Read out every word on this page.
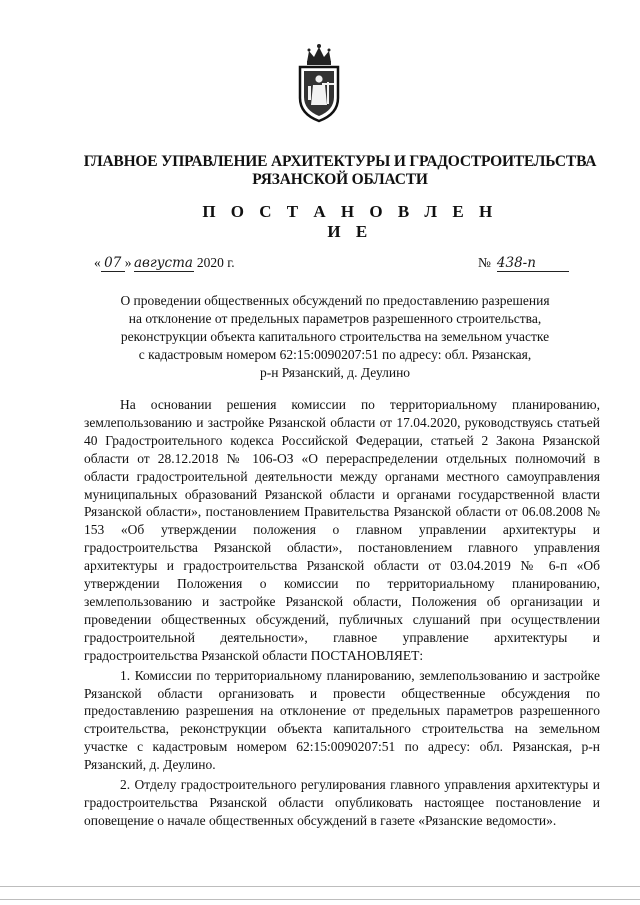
ГЛАВНОЕ УПРАВЛЕНИЕ АРХИТЕКТУРЫ И ГРАДОСТРОИТЕЛЬСТВА
РЯЗАНСКОЙ ОБЛАСТИ
П О С Т А Н О В Л Е Н И Е
« 07 » августа 2020 г.	№ 438-п
О проведении общественных обсуждений по предоставлению разрешения
на отклонение от предельных параметров разрешенного строительства,
реконструкции объекта капитального строительства на земельном участке
с кадастровым номером 62:15:0090207:51 по адресу: обл. Рязанская,
р-н Рязанский, д. Деулино

На основании решения комиссии по территориальному планированию, землепользованию и застройке Рязанской области от 17.04.2020, руководствуясь статьей 40 Градостроительного кодекса Российской Федерации, статьей 2 Закона Рязанской области от 28.12.2018 № 106-ОЗ «О перераспределении отдельных полномочий в области градостроительной деятельности между органами местного самоуправления муниципальных образований Рязанской области и органами государственной власти Рязанской области», постановлением Правительства Рязанской области от 06.08.2008 № 153 «Об утверждении положения о главном управлении архитектуры и градостроительства Рязанской области», постановлением главного управления архитектуры и градостроительства Рязанской области от 03.04.2019 № 6-п «Об утверждении Положения о комиссии по территориальному планированию, землепользованию и застройке Рязанской области, Положения об организации и проведении общественных обсуждений, публичных слушаний при осуществлении градостроительной деятельности», главное управление архитектуры и градостроительства Рязанской области ПОСТАНОВЛЯЕТ:

1. Комиссии по территориальному планированию, землепользованию и застройке Рязанской области организовать и провести общественные обсуждения по предоставлению разрешения на отклонение от предельных параметров разрешенного строительства, реконструкции объекта капитального строительства на земельном участке с кадастровым номером 62:15:0090207:51 по адресу: обл. Рязанская, р-н Рязанский, д. Деулино.

2. Отделу градостроительного регулирования главного управления архитектуры и градостроительства Рязанской области опубликовать настоящее постановление и оповещение о начале общественных обсуждений в газете «Рязанские ведомости».
